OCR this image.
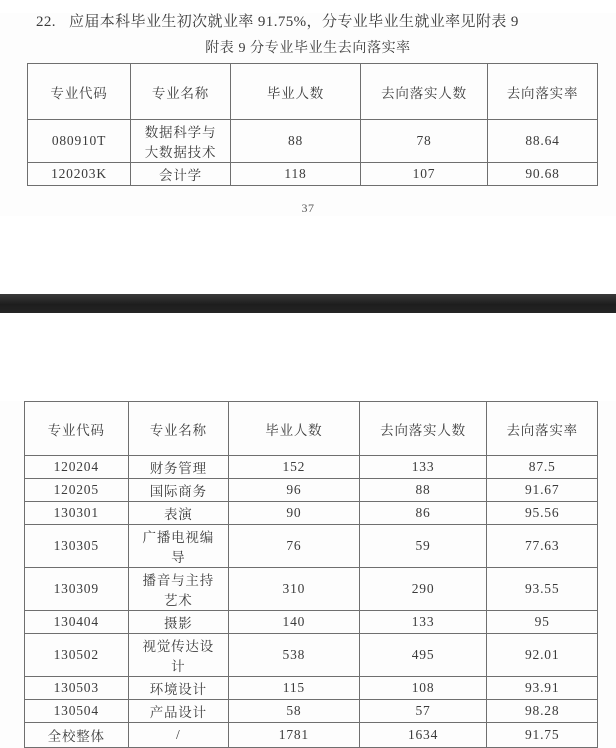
22. 应届本科毕业生初次就业率 91.75%，分专业毕业生就业率见附表 9

附表 9 分专业毕业生去向落实率

专业代码	专业名称	毕业人数	去向落实人数	去向落实率
080910T	数据科学与大数据技术	88	78	88.64
120203K	会计学	118	107	90.68

37

专业代码	专业名称	毕业人数	去向落实人数	去向落实率
120204	财务管理	152	133	87.5
120205	国际商务	96	88	91.67
130301	表演	90	86	95.56
130305	广播电视编导	76	59	77.63
130309	播音与主持艺术	310	290	93.55
130404	摄影	140	133	95
130502	视觉传达设计	538	495	92.01
130503	环境设计	115	108	93.91
130504	产品设计	58	57	98.28
全校整体	/	1781	1634	91.75
